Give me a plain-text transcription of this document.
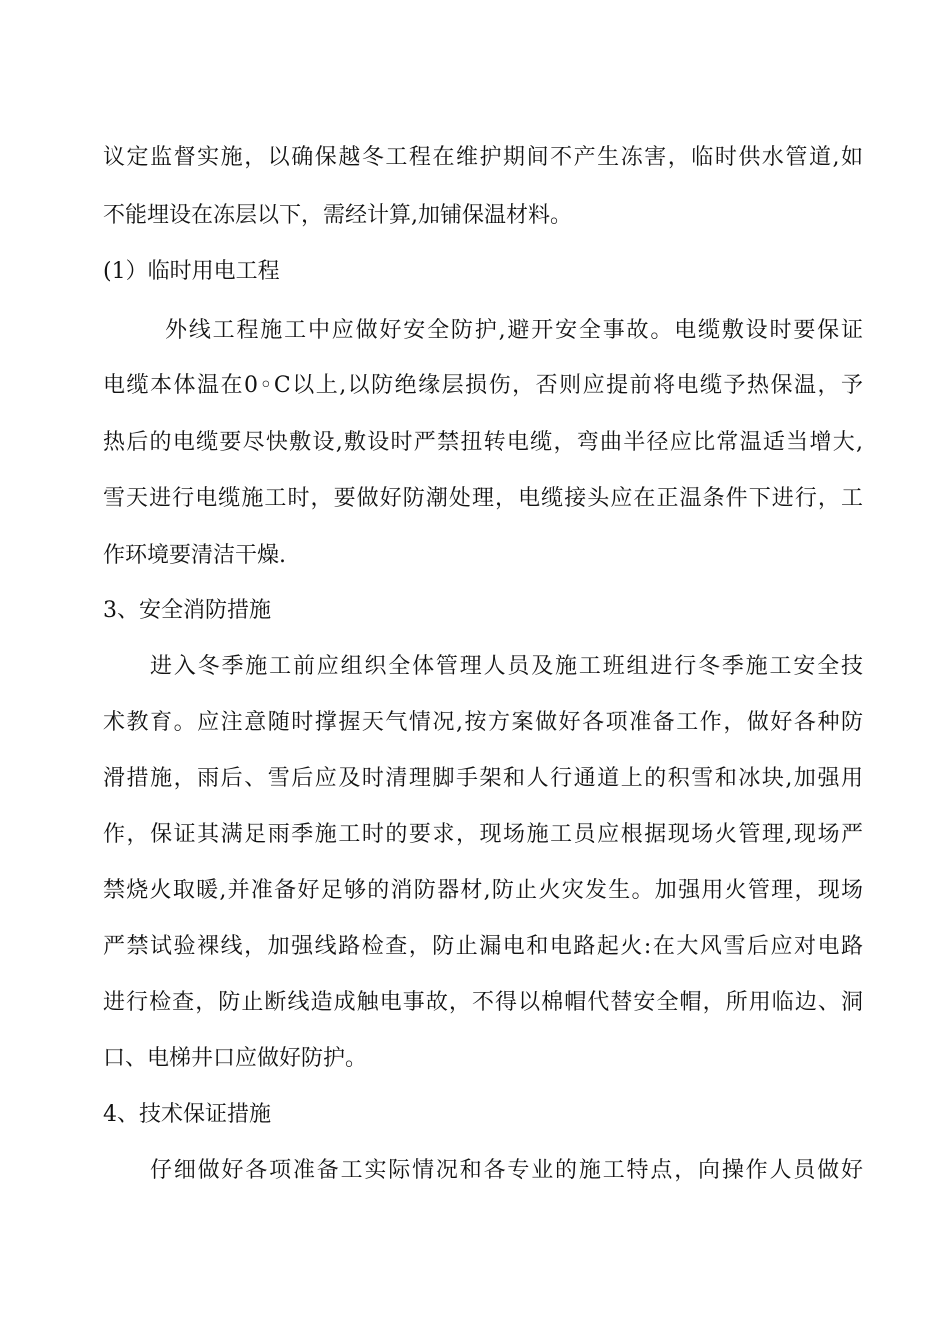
议定监督实施，以确保越冬工程在维护期间不产生冻害，临时供水管道,如
不能埋设在冻层以下，需经计算,加铺保温材料。
(1）临时用电工程
外线工程施工中应做好安全防护,避开安全事故。电缆敷设时要保证
电缆本体温在0◦C以上,以防绝缘层损伤，否则应提前将电缆予热保温，予
热后的电缆要尽快敷设,敷设时严禁扭转电缆，弯曲半径应比常温适当增大,
雪天进行电缆施工时，要做好防潮处理，电缆接头应在正温条件下进行，工
作环境要清洁干燥.
3、安全消防措施
进入冬季施工前应组织全体管理人员及施工班组进行冬季施工安全技
术教育。应注意随时撑握天气情况,按方案做好各项准备工作，做好各种防
滑措施，雨后、雪后应及时清理脚手架和人行通道上的积雪和冰块,加强用
作，保证其满足雨季施工时的要求，现场施工员应根据现场火管理,现场严
禁烧火取暖,并准备好足够的消防器材,防止火灾发生。加强用火管理，现场
严禁试验裸线，加强线路检查，防止漏电和电路起火:在大风雪后应对电路
进行检查，防止断线造成触电事故，不得以棉帽代替安全帽，所用临边、洞
口、电梯井口应做好防护。
4、技术保证措施
仔细做好各项准备工实际情况和各专业的施工特点，向操作人员做好
